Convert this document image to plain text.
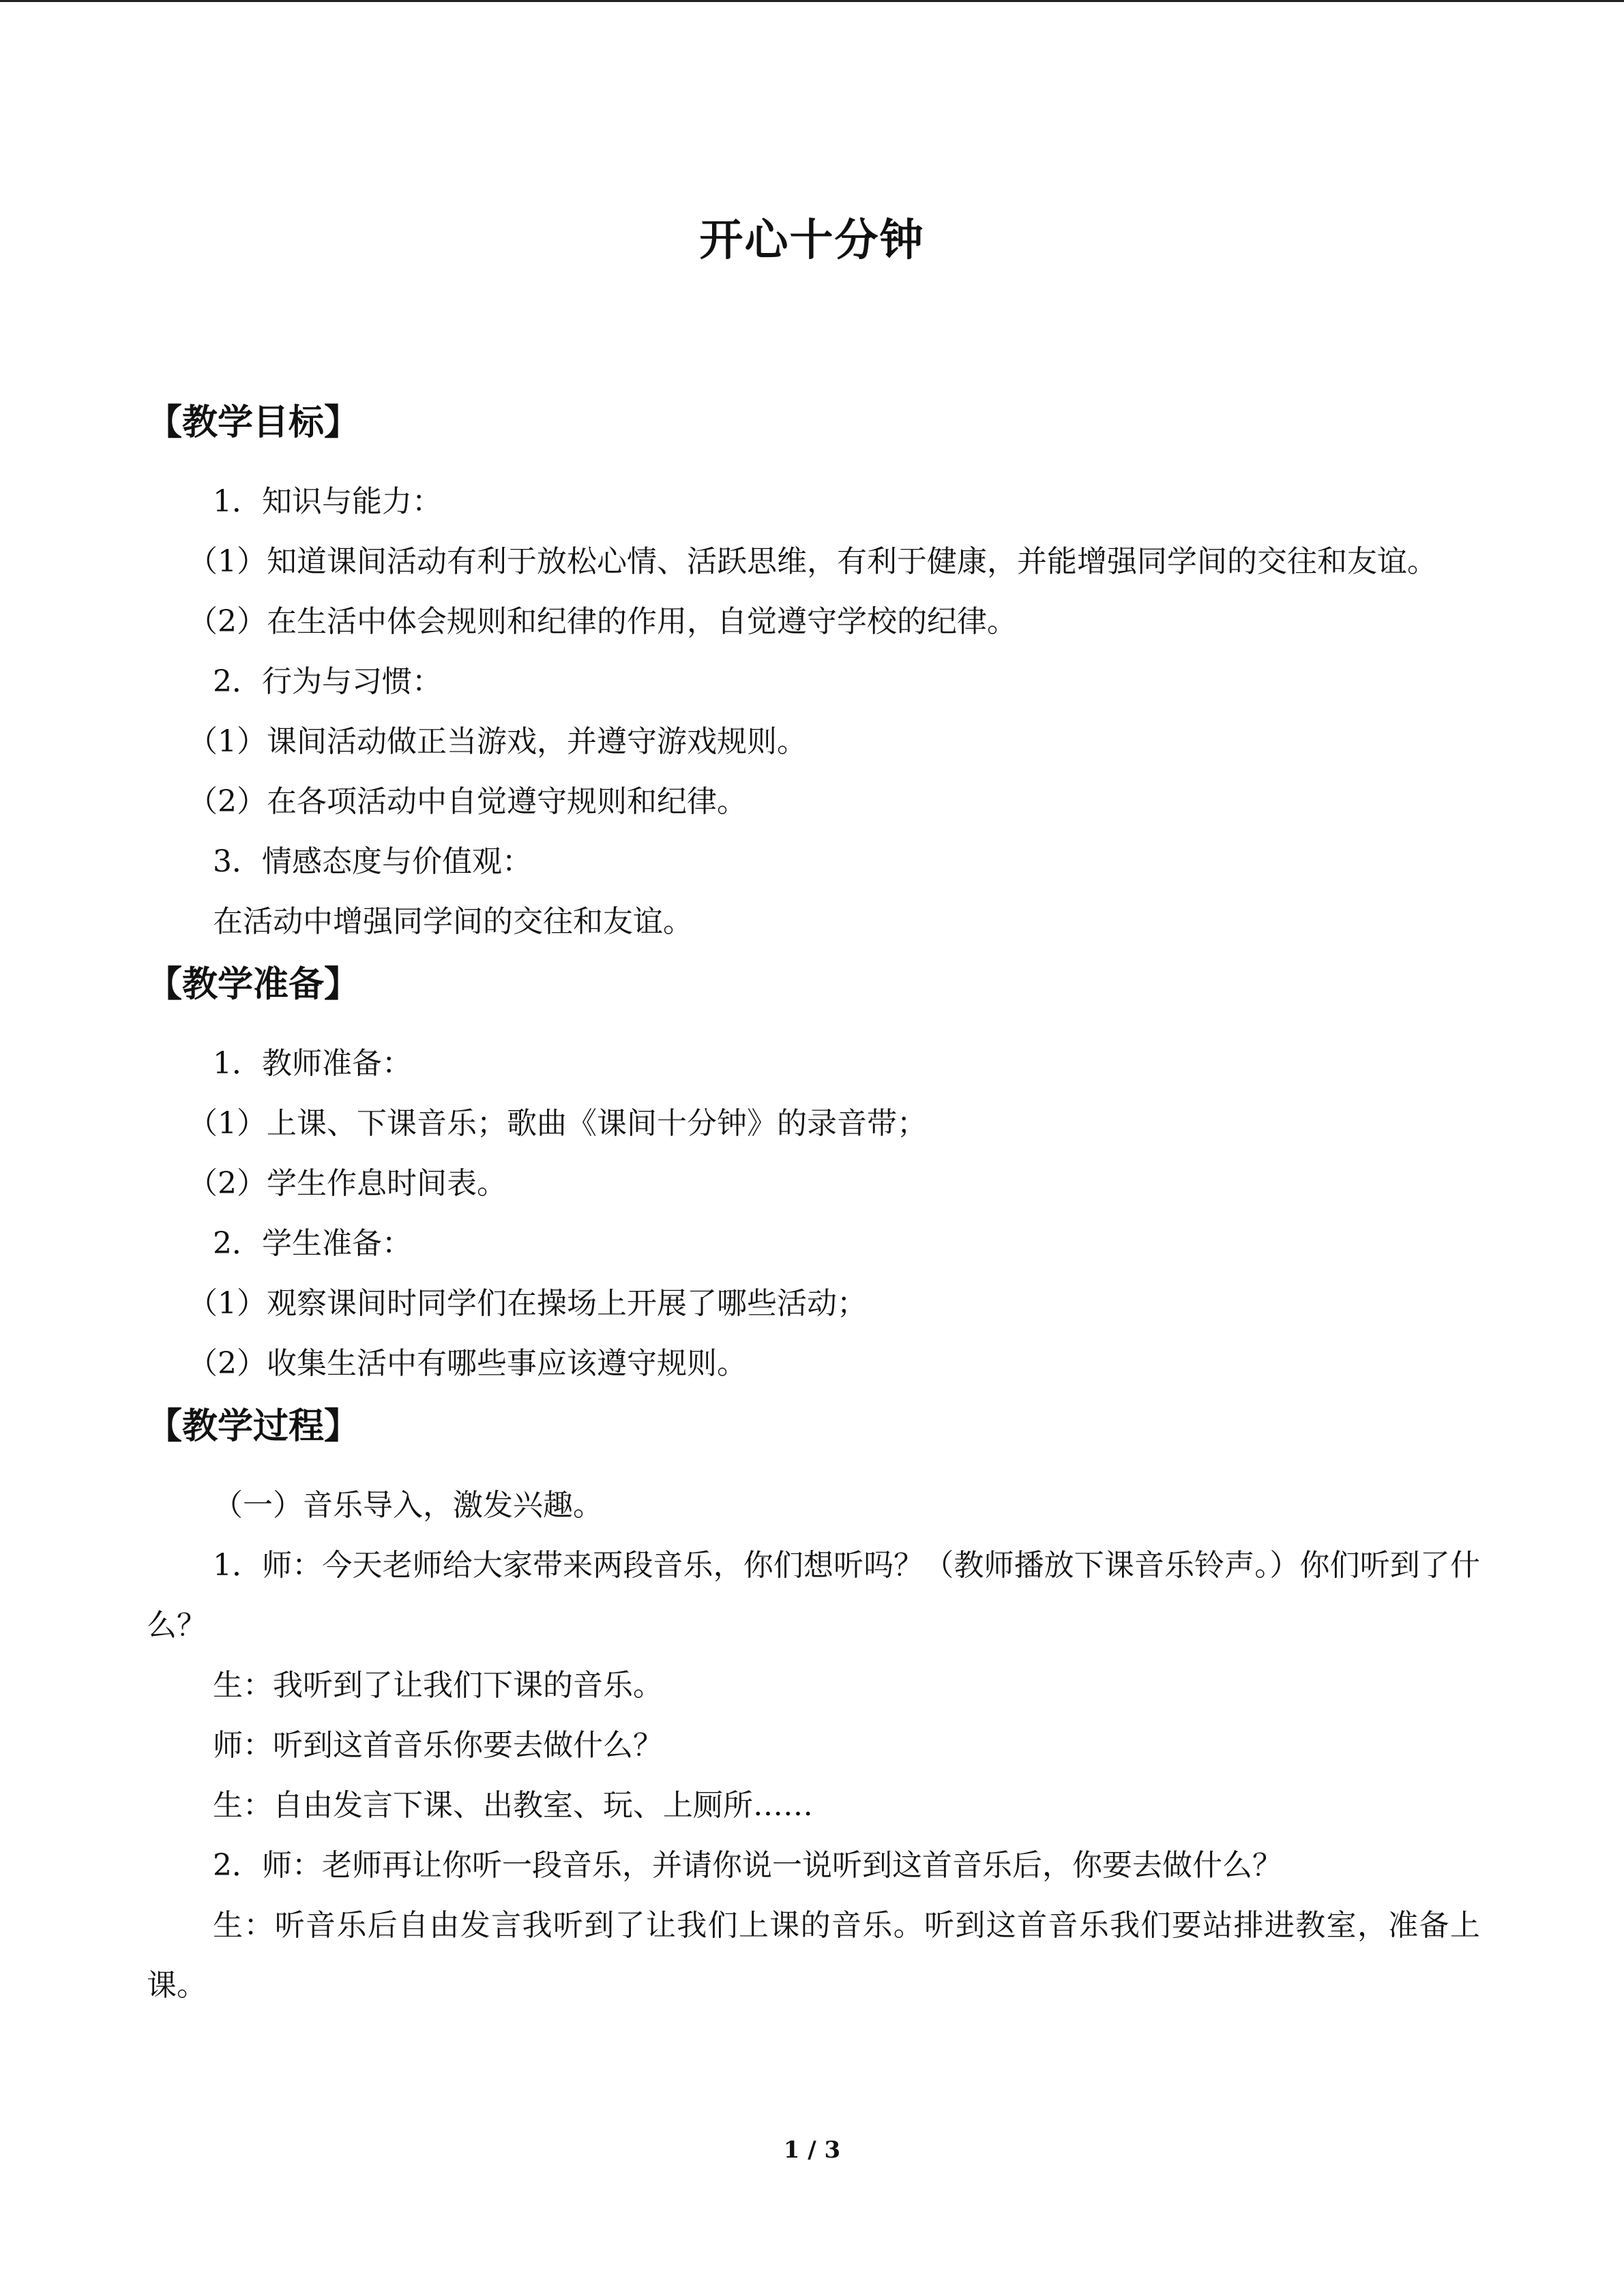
开心十分钟
【教学目标】

1．知识与能力：

（1）知道课间活动有利于放松心情、活跃思维，有利于健康，并能增强同学间的交往和友谊。

（2）在生活中体会规则和纪律的作用，自觉遵守学校的纪律。

2．行为与习惯：

（1）课间活动做正当游戏，并遵守游戏规则。

（2）在各项活动中自觉遵守规则和纪律。

3．情感态度与价值观：

在活动中增强同学间的交往和友谊。

【教学准备】

1．教师准备：

（1）上课、下课音乐；歌曲《课间十分钟》的录音带；

（2）学生作息时间表。

2．学生准备：

（1）观察课间时同学们在操场上开展了哪些活动；

（2）收集生活中有哪些事应该遵守规则。

【教学过程】

（一）音乐导入，激发兴趣。

1．师：今天老师给大家带来两段音乐，你们想听吗？（教师播放下课音乐铃声。）你们听到了什么？

生：我听到了让我们下课的音乐。

师：听到这首音乐你要去做什么？

生：自由发言下课、出教室、玩、上厕所……

2．师：老师再让你听一段音乐，并请你说一说听到这首音乐后，你要去做什么？

生：听音乐后自由发言我听到了让我们上课的音乐。听到这首音乐我们要站排进教室，准备上课。

1 / 3
